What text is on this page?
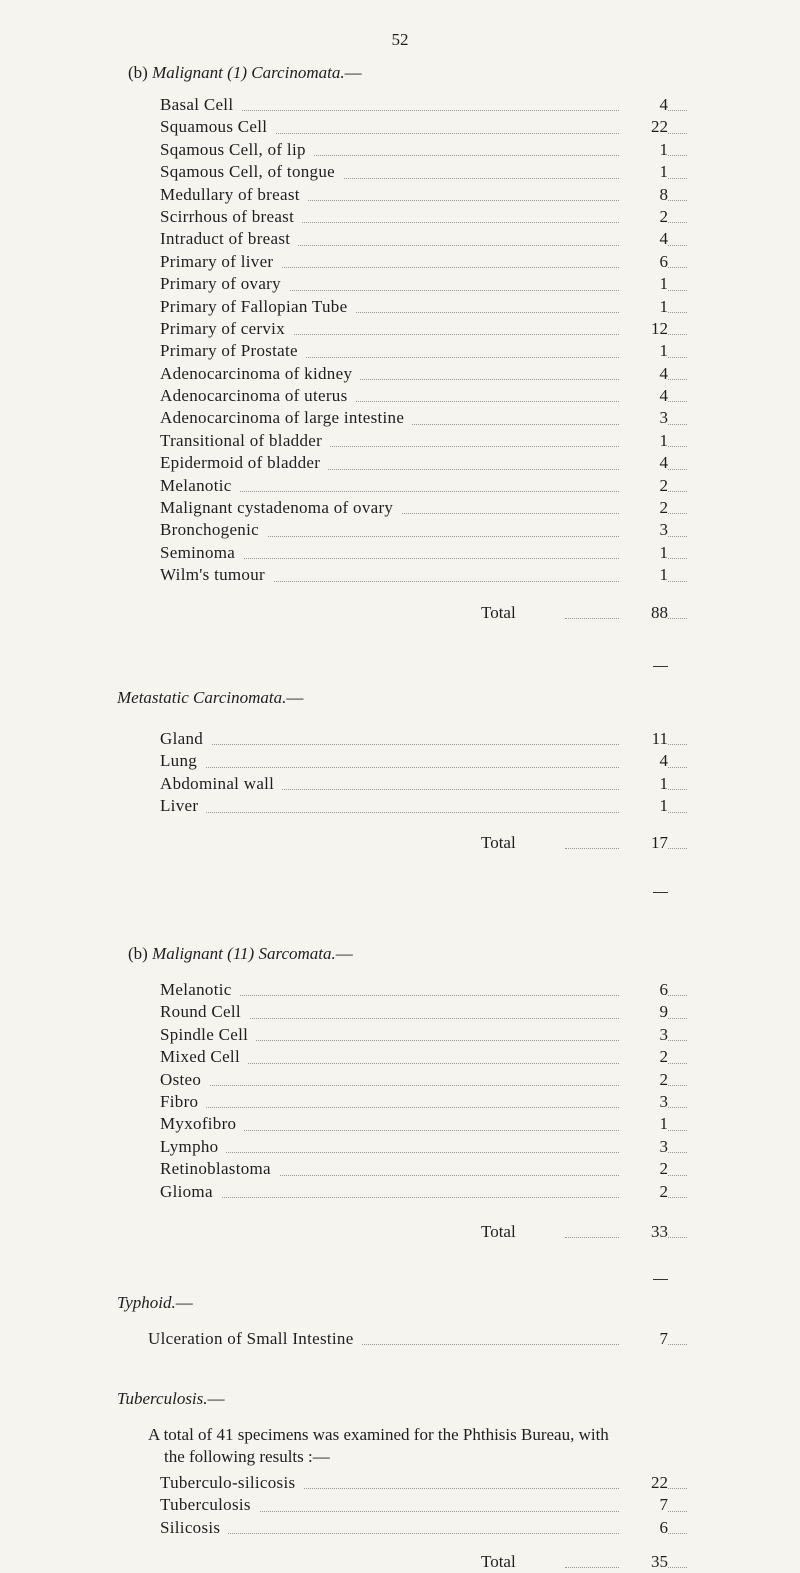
52
(b) Malignant (1) Carcinomata.—
Basal Cell	4
Squamous Cell	22
Sqamous Cell, of lip	1
Sqamous Cell, of tongue	1
Medullary of breast	8
Scirrhous of breast	2
Intraduct of breast	4
Primary of liver	6
Primary of ovary	1
Primary of Fallopian Tube	1
Primary of cervix	12
Primary of Prostate	1
Adenocarcinoma of kidney	4
Adenocarcinoma of uterus	4
Adenocarcinoma of large intestine	3
Transitional of bladder	1
Epidermoid of bladder	4
Melanotic	2
Malignant cystadenoma of ovary	2
Bronchogenic	3
Seminoma	1
Wilm's tumour	1
Total	88
Metastatic Carcinomata.—
Gland	11
Lung	4
Abdominal wall	1
Liver	1
Total	17
(b) Malignant (11) Sarcomata.—
Melanotic	6
Round Cell	9
Spindle Cell	3
Mixed Cell	2
Osteo	2
Fibro	3
Myxofibro	1
Lympho	3
Retinoblastoma	2
Glioma	2
Total	33
Typhoid.—
Ulceration of Small Intestine	7
Tuberculosis.—
A total of 41 specimens was examined for the Phthisis Bureau, with
the following results :—
Tuberculo-silicosis	22
Tuberculosis	7
Silicosis	6
Total	35
